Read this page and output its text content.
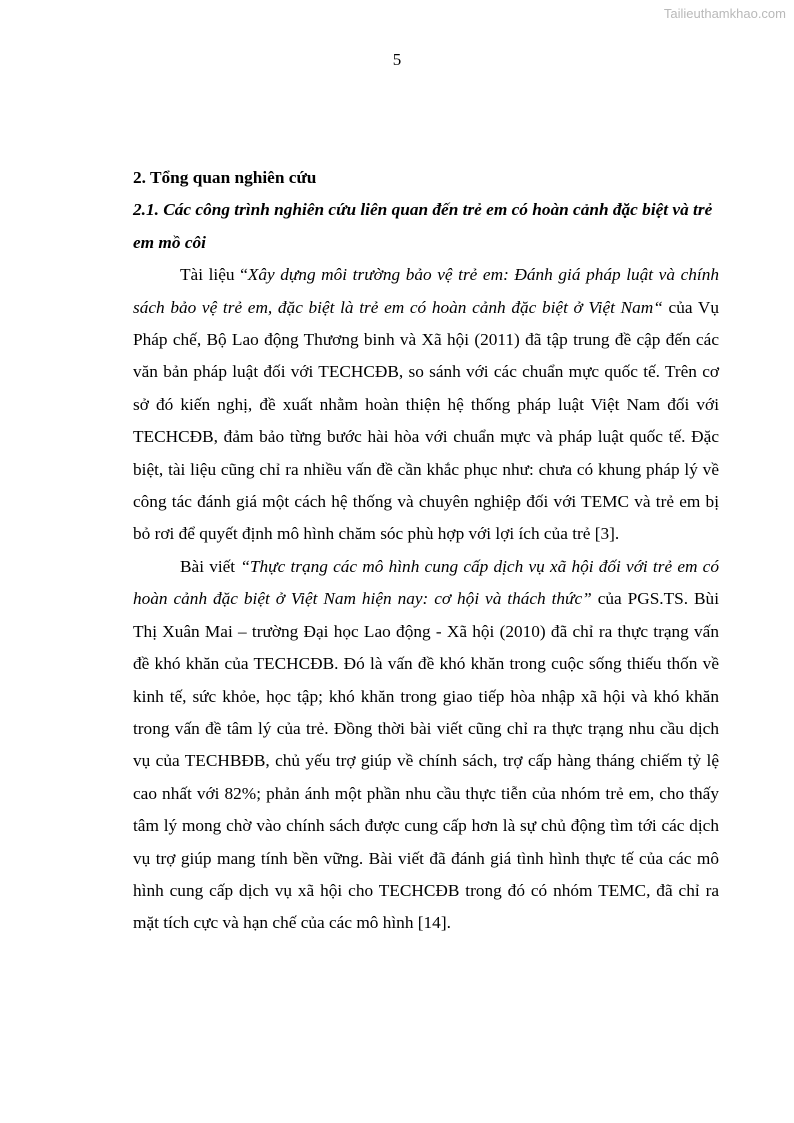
Tailieuthamkhao.com
5

2. Tổng quan nghiên cứu

2.1. Các công trình nghiên cứu liên quan đến trẻ em có hoàn cảnh đặc biệt và trẻ em mồ côi

Tài liệu “Xây dựng môi trường bảo vệ trẻ em: Đánh giá pháp luật và chính sách bảo vệ trẻ em, đặc biệt là trẻ em có hoàn cảnh đặc biệt ở Việt Nam“ của Vụ Pháp chế, Bộ Lao động Thương binh và Xã hội (2011) đã tập trung đề cập đến các văn bản pháp luật đối với TECHCĐB, so sánh với các chuẩn mực quốc tế. Trên cơ sở đó kiến nghị, đề xuất nhằm hoàn thiện hệ thống pháp luật Việt Nam đối với TECHCĐB, đảm bảo từng bước hài hòa với chuẩn mực và pháp luật quốc tế. Đặc biệt, tài liệu cũng chỉ ra nhiều vấn đề cần khắc phục như: chưa có khung pháp lý về công tác đánh giá một cách hệ thống và chuyên nghiệp đối với TEMC và trẻ em bị bỏ rơi để quyết định mô hình chăm sóc phù hợp với lợi ích của trẻ [3].

Bài viết “Thực trạng các mô hình cung cấp dịch vụ xã hội đối với trẻ em có hoàn cảnh đặc biệt ở Việt Nam hiện nay: cơ hội và thách thức” của PGS.TS. Bùi Thị Xuân Mai – trường Đại học Lao động - Xã hội (2010) đã chỉ ra thực trạng vấn đề khó khăn của TECHCĐB. Đó là vấn đề khó khăn trong cuộc sống thiếu thốn về kinh tế, sức khỏe, học tập; khó khăn trong giao tiếp hòa nhập xã hội và khó khăn trong vấn đề tâm lý của trẻ. Đồng thời bài viết cũng chỉ ra thực trạng nhu cầu dịch vụ của TECHBĐB, chủ yếu trợ giúp về chính sách, trợ cấp hàng tháng chiếm tỷ lệ cao nhất với 82%; phản ánh một phần nhu cầu thực tiễn của nhóm trẻ em, cho thấy tâm lý mong chờ vào chính sách được cung cấp hơn là sự chủ động tìm tới các dịch vụ trợ giúp mang tính bền vững. Bài viết đã đánh giá tình hình thực tế của các mô hình cung cấp dịch vụ xã hội cho TECHCĐB trong đó có nhóm TEMC, đã chỉ ra mặt tích cực và hạn chế của các mô hình [14].
